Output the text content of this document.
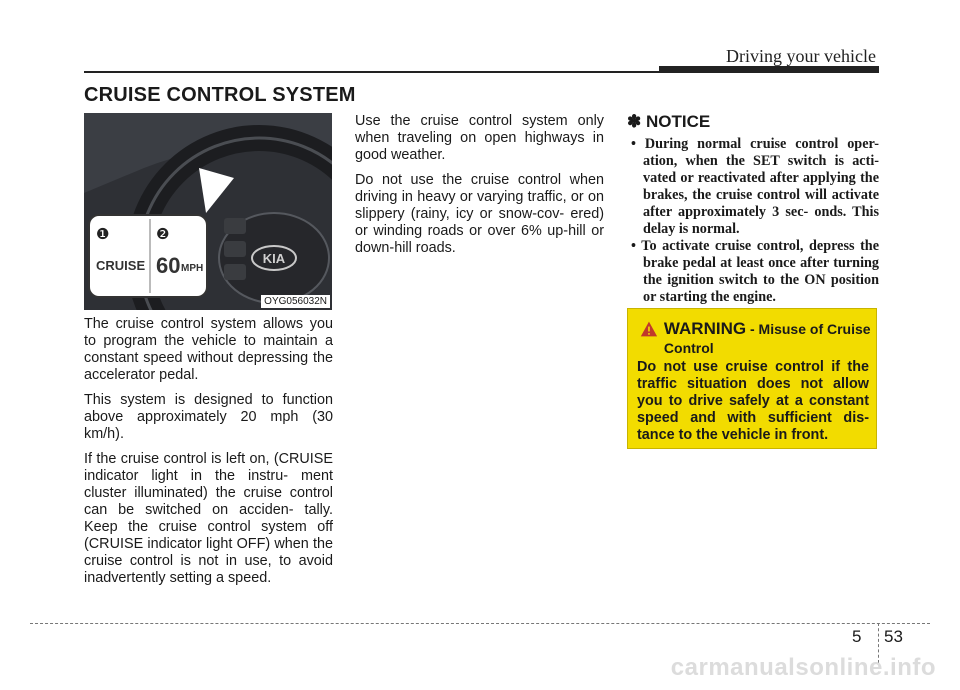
Driving your vehicle
CRUISE CONTROL SYSTEM
KIA
❶	❷
CRUISE 60 MPH
OYG056032N

The cruise control system allows you to program the vehicle to maintain a constant speed without depressing the accelerator pedal.

This system is designed to function above approximately 20 mph (30 km/h).

If the cruise control is left on, (CRUISE indicator light in the instru- ment cluster illuminated) the cruise control can be switched on acciden- tally. Keep the cruise control system off (CRUISE indicator light OFF) when the cruise control is not in use, to avoid inadvertently setting a speed.

Use the cruise control system only when traveling on open highways in good weather.

Do not use the cruise control when driving in heavy or varying traffic, or on slippery (rainy, icy or snow-cov- ered) or winding roads or over 6% up-hill or down-hill roads.

✽ NOTICE
• During normal cruise control oper- ation, when the SET switch is acti- vated or reactivated after applying the brakes, the cruise control will activate after approximately 3 sec- onds. This delay is normal.
• To activate cruise control, depress the brake pedal at least once after turning the ignition switch to the ON position or starting the engine.
WARNING - Misuse of Cruise Control
Do not use cruise control if the traffic situation does not allow you to drive safely at a constant speed and with sufficient dis- tance to the vehicle in front.
5 53
carmanualsonline.info
